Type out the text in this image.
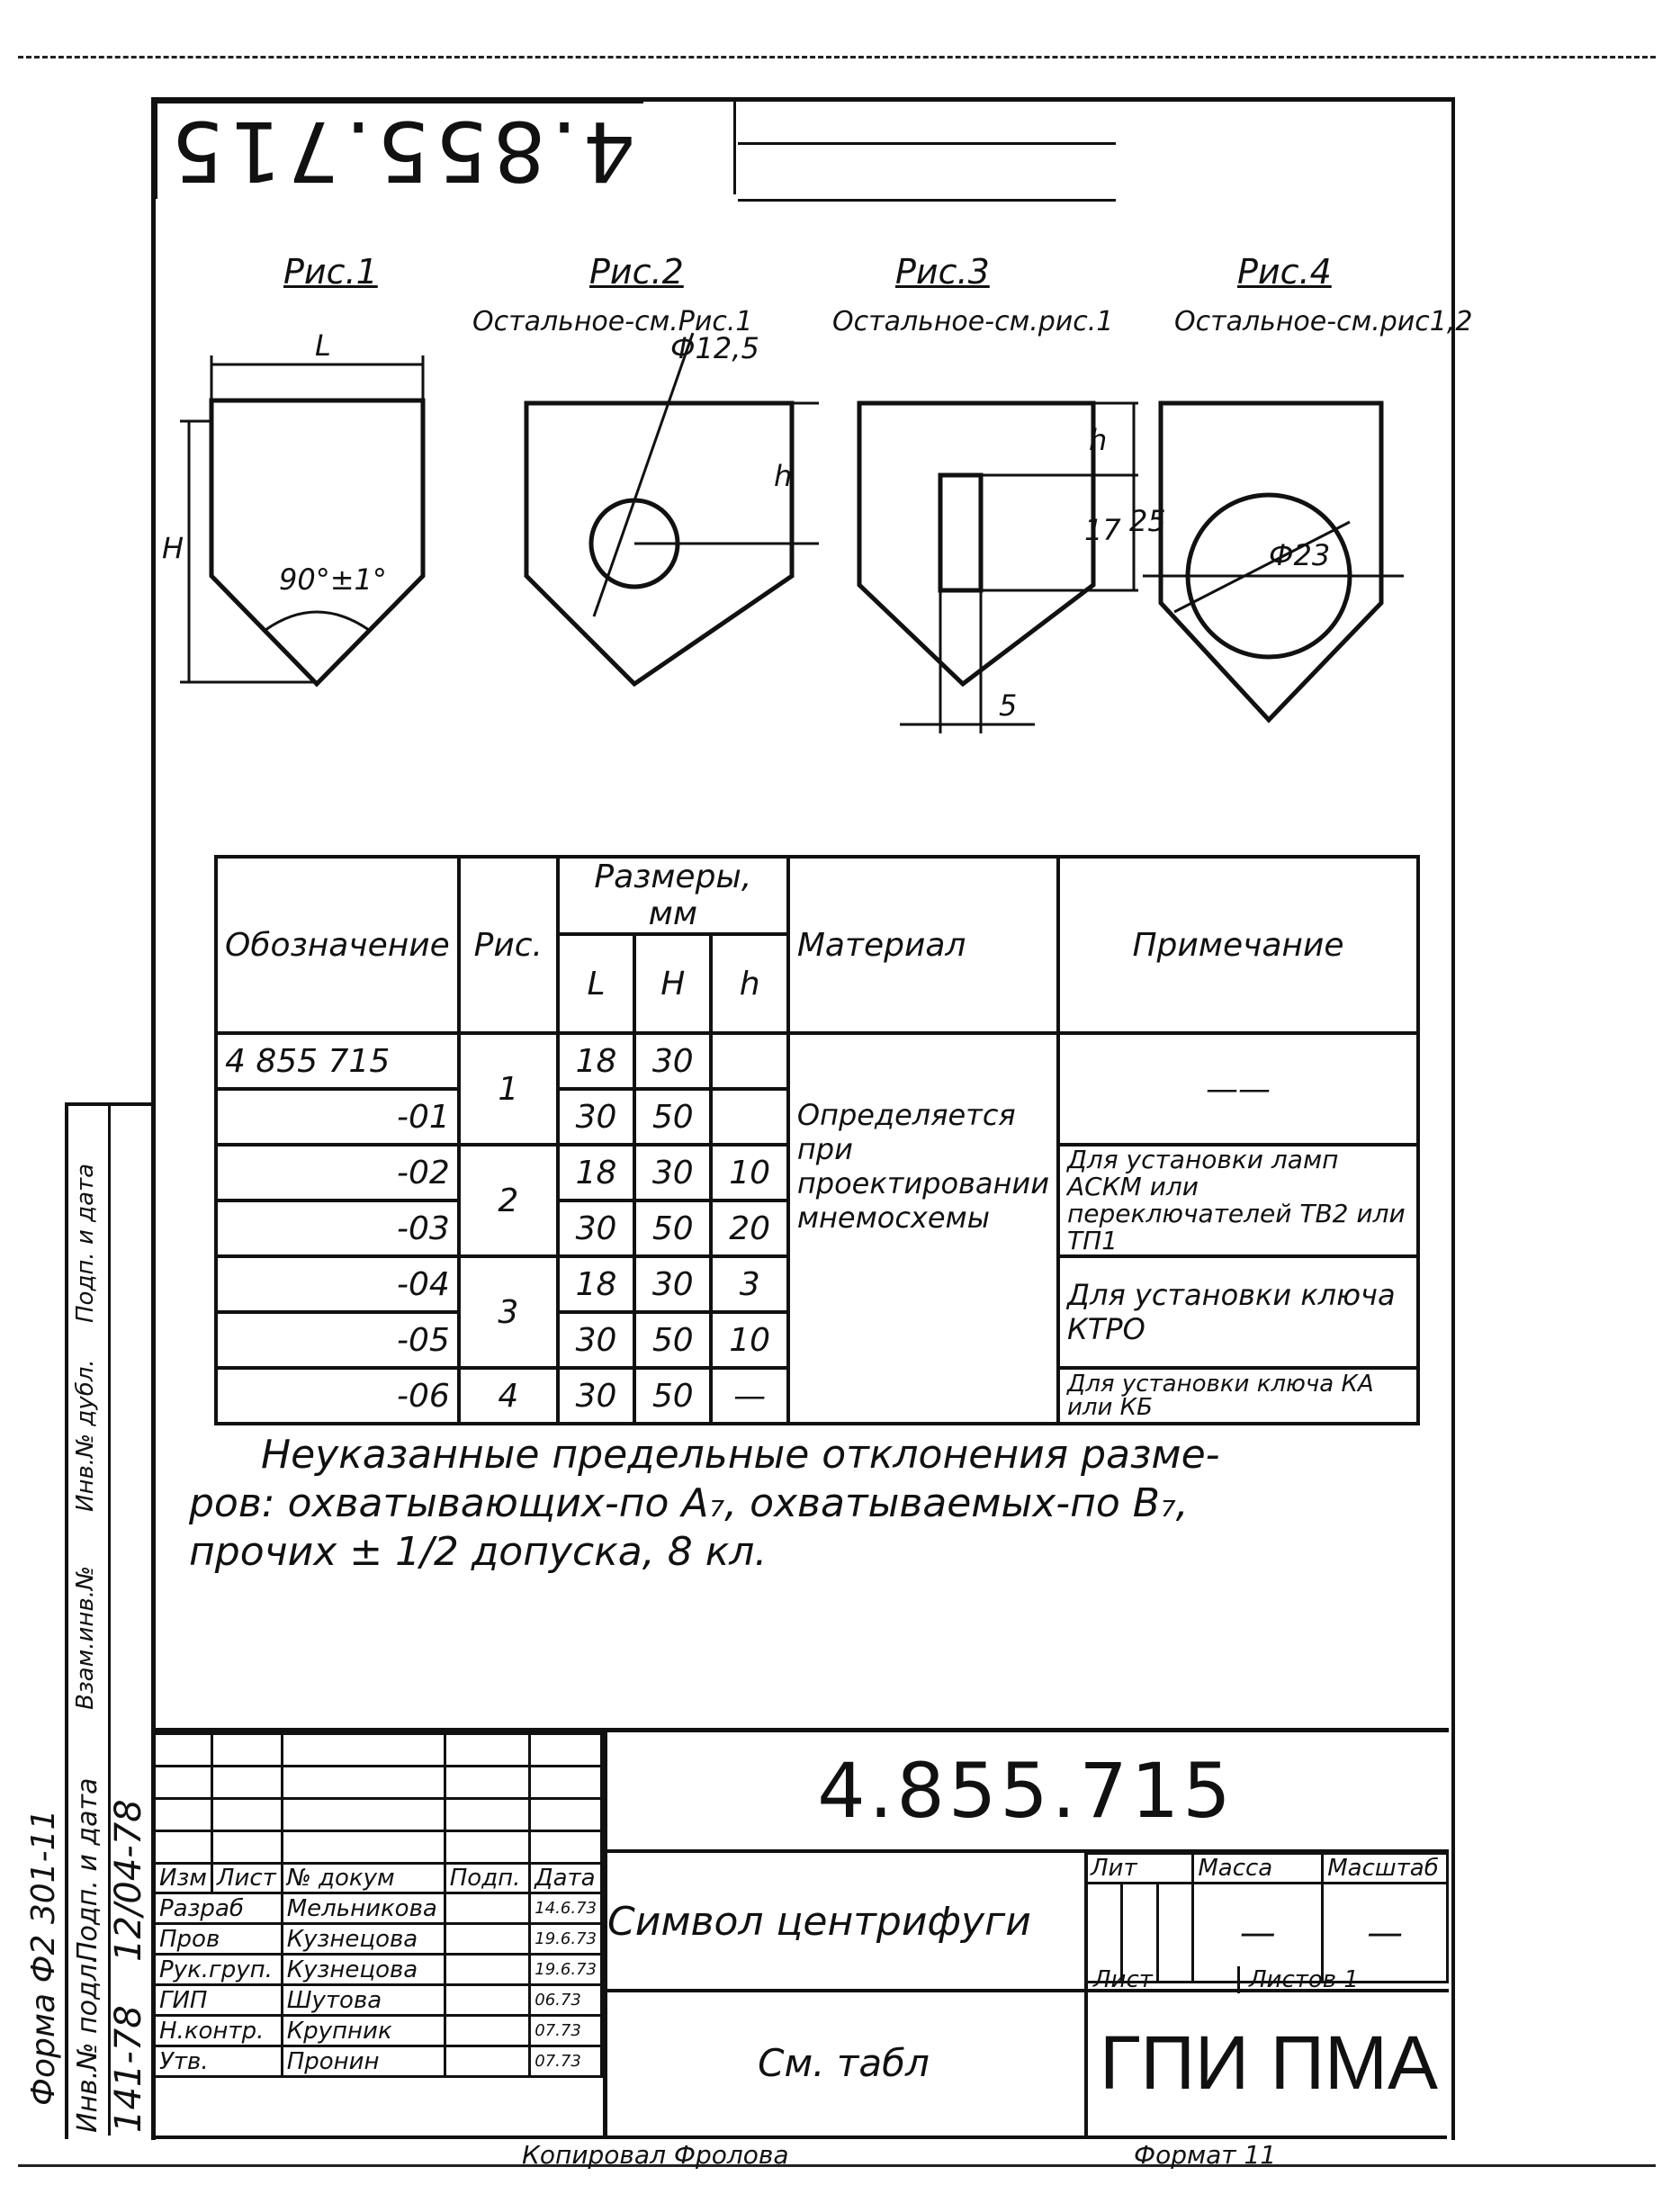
4.855.715
Рис.1	Рис.2	Рис.3	Рис.4
Остальное-см.Рис.1	Остальное-см.рис.1 Остальное-см.рис1,2
L
H
90°±1°
Ф12,5
h
h
17 25
5
Ф23
Обозначение	Рис.	Размеры, мм			Материал	Примечание
		L	H	h		
4 855 715	1	18	30		Определяется при проектировании мнемосхемы	——
-01		30	50			
-02	2	18	30	10		Для установки ламп АСКМ или переключателей ТВ2 или ТП1
-03		30	50	20		
-04	3	18	30	3		Для установки ключа КТРО
-05		30	50	10		
-06	4	30	50	—		Для установки ключа КА или КБ
Неуказанные предельные отклонения разме-
ров: охватывающих-по A₇, охватываемых-по B₇,
прочих ± 1/2 допуска, 8 кл.

Изм	Лист	№ докум	Подп.	Дата
Разраб		Мельникова		14.6.73
Пров		Кузнецова		19.6.73
Рук.груп.		Кузнецова		19.6.73
ГИП		Шутова		06.73
Н.контр.		Крупник		07.73
Утв.		Пронин		07.73
4.855.715
Символ центрифуги
См. табл
Лит			Масса	Масштаб
			—	—
Лист	Листов 1
ГПИ ПМА
Копировал Фролова	Формат 11
Подп. и дата
Инв.№ дубл.
Взам.инв.№
Подп. и дата 12/04-78
Инв.№ подл. 141-78
Форма Ф2 301-11
